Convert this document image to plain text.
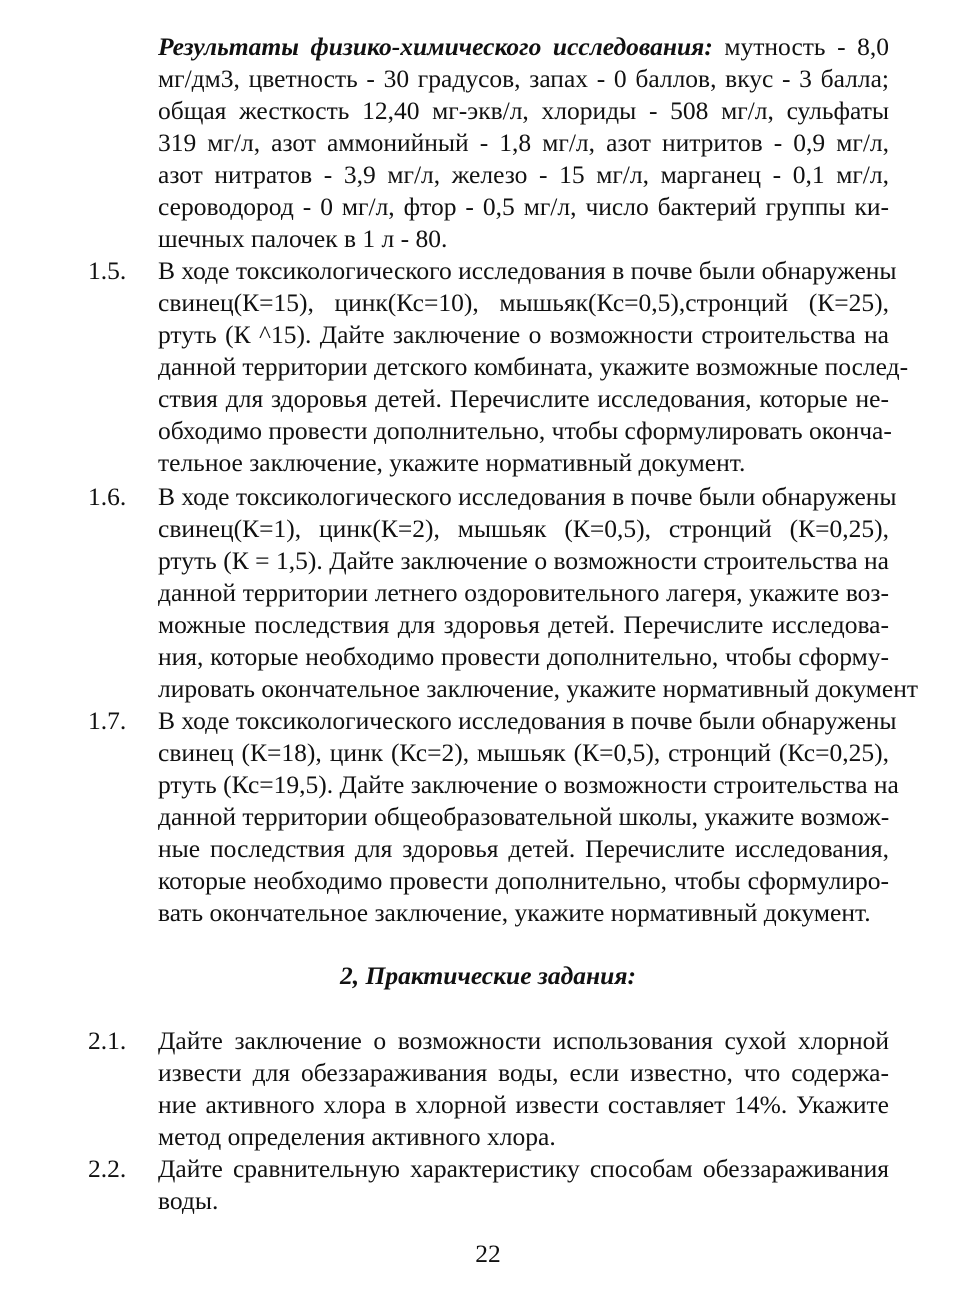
Результаты физико-химического исследования: мутность - 8,0
мг/дм3, цветность - 30 градусов, запах - 0 баллов, вкус - 3 балла;
общая жесткость 12,40 мг-экв/л, хлориды - 508 мг/л, сульфаты
319 мг/л, азот аммонийный - 1,8 мг/л, азот нитритов - 0,9 мг/л,
азот нитратов - 3,9 мг/л, железо - 15 мг/л, марганец - 0,1 мг/л,
сероводород - 0 мг/л, фтор - 0,5 мг/л, число бактерий группы ки-
шечных палочек в 1 л - 80.
1.5. В ходе токсикологического исследования в почве были обнаружены
свинец(К=15), цинк(Кс=10), мышьяк(Кс=0,5),стронций (К=25),
ртуть (К ^15). Дайте заключение о возможности строительства на
данной территории детского комбината, укажите возможные послед-
ствия для здоровья детей. Перечислите исследования, которые не-
обходимо провести дополнительно, чтобы сформулировать оконча-
тельное заключение, укажите нормативный документ.
1.6. В ходе токсикологического исследования в почве были обнаружены
свинец(К=1), цинк(К=2), мышьяк (К=0,5), стронций (К=0,25),
ртуть (К = 1,5). Дайте заключение о возможности строительства на
данной территории летнего оздоровительного лагеря, укажите воз-
можные последствия для здоровья детей. Перечислите исследова-
ния, которые необходимо провести дополнительно, чтобы сформу-
лировать окончательное заключение, укажите нормативный документ
1.7. В ходе токсикологического исследования в почве были обнаружены
свинец (К=18), цинк (Кс=2), мышьяк (К=0,5), стронций (Кс=0,25),
ртуть (Кс=19,5). Дайте заключение о возможности строительства на
данной территории общеобразовательной школы, укажите возмож-
ные последствия для здоровья детей. Перечислите исследования,
которые необходимо провести дополнительно, чтобы сформулиро-
вать окончательное заключение, укажите нормативный документ.
2, Практические задания:
2.1. Дайте заключение о возможности использования сухой хлорной
извести для обеззараживания воды, если известно, что содержа-
ние активного хлора в хлорной извести составляет 14%. Укажите
метод определения активного хлора.
2.2. Дайте сравнительную характеристику способам обеззараживания
воды.
22
